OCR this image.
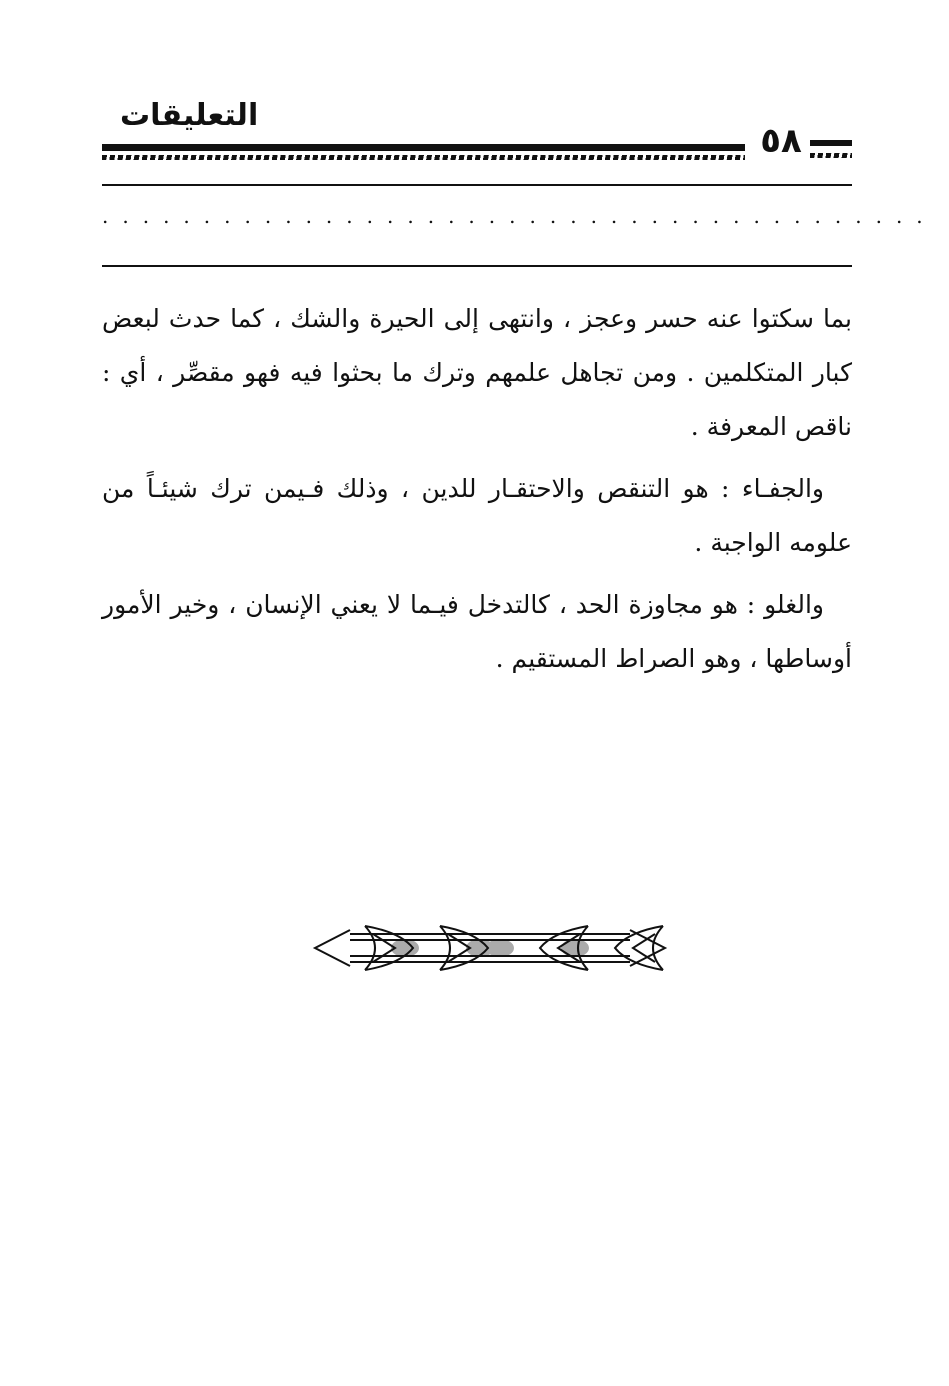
التعليقات
٥٨
.........................................

بما سكتوا عنه حسر وعجز ، وانتهى إلى الحيرة والشك ، كما حدث لبعض كبار المتكلمين . ومن تجاهل علمهم وترك ما بحثوا فيه فهو مقصِّر ، أي : ناقص المعرفة .

والجفـاء : هو التنقص والاحتقـار للدين ، وذلك فـيمن ترك شيئـاً من علومه الواجبة .

والغلو : هو مجاوزة الحد ، كالتدخل فيـما لا يعني الإنسان ، وخير الأمور أوساطها ، وهو الصراط المستقيم .
